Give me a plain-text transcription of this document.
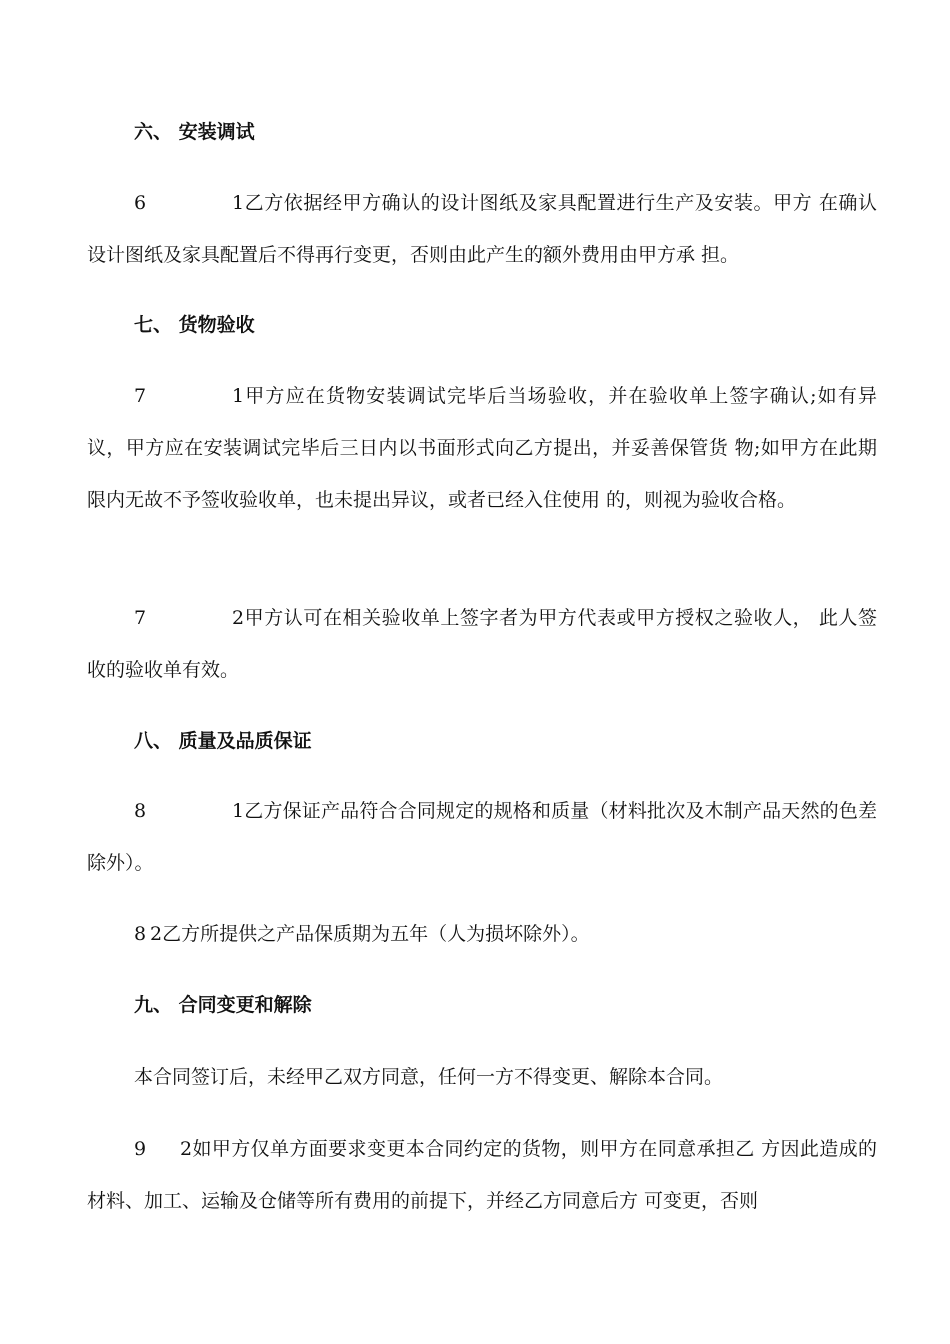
六、 安装调试
6	1乙方依据经甲方确认的设计图纸及家具配置进行生产及安装。甲方 在确认设计图纸及家具配置后不得再行变更，否则由此产生的额外费用由甲方承 担。
七、 货物验收
7	1甲方应在货物安装调试完毕后当场验收，并在验收单上签字确认;如有异议，甲方应在安装调试完毕后三日内以书面形式向乙方提出，并妥善保管货 物;如甲方在此期限内无故不予签收验收单，也未提出异议，或者已经入住使用 的，则视为验收合格。
7	2甲方认可在相关验收单上签字者为甲方代表或甲方授权之验收人， 此人签收的验收单有效。
八、 质量及品质保证
8	1乙方保证产品符合合同规定的规格和质量（材料批次及木制产品天然的色差除外）。
8 2乙方所提供之产品保质期为五年（人为损坏除外）。
九、 合同变更和解除
本合同签订后，未经甲乙双方同意，任何一方不得变更、解除本合同。
9 2如甲方仅单方面要求变更本合同约定的货物，则甲方在同意承担乙 方因此造成的材料、加工、运输及仓储等所有费用的前提下，并经乙方同意后方 可变更，否则
